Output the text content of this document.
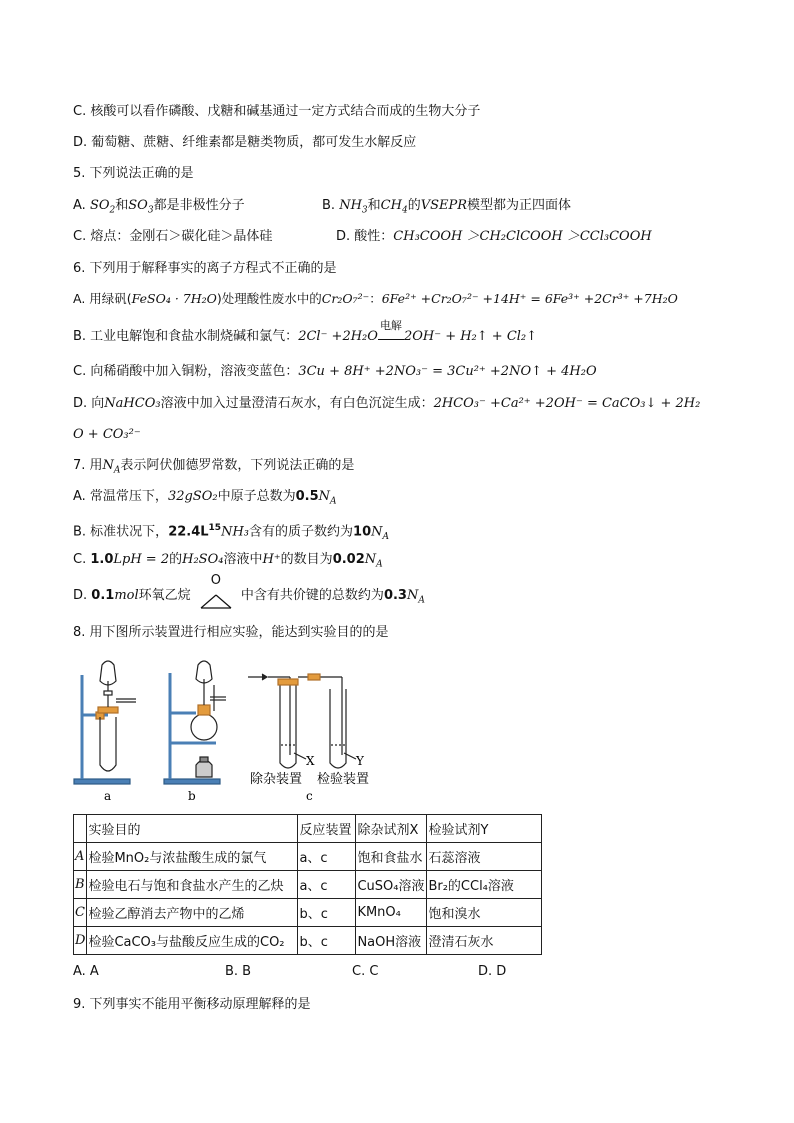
C. 核酸可以看作磷酸、戊糖和碱基通过一定方式结合而成的生物大分子
D. 葡萄糖、蔗糖、纤维素都是糖类物质，都可发生水解反应
5. 下列说法正确的是
A. $SO_2$和$SO_3$都是非极性分子	B. $NH_3$和$CH_4$的VSEPR模型都为正四面体
C. 熔点：金刚石＞碳化硅＞晶体硅	D. 酸性：CH₃COOH ＞CH₂ClCOOH ＞CCl₃COOH
6. 下列用于解释事实的离子方程式不正确的是
A. 用绿矾(FeSO₄ · 7H₂O)处理酸性废水中的Cr₂O₇²⁻：6Fe²⁺ +Cr₂O₇²⁻ +14H⁺ = 6Fe³⁺ +2Cr³⁺ +7H₂O
B. 工业电解饱和食盐水制烧碱和氯气：2Cl⁻ +2H₂O
电解
2OH⁻ + H₂↑ + Cl₂↑
C. 向稀硝酸中加入铜粉，溶液变蓝色：3Cu + 8H⁺ +2NO₃⁻ = 3Cu²⁺ +2NO↑ + 4H₂O
D. 向NaHCO₃溶液中加入过量澄清石灰水，有白色沉淀生成：2HCO₃⁻ +Ca²⁺ +2OH⁻ = CaCO₃↓ + 2H₂
O + CO₃²⁻
7. 用$N_A$表示阿伏伽德罗常数，下列说法正确的是
A. 常温常压下，32gSO₂中原子总数为$0.5N_A$
B. 标准状况下，$22.4L^{15}NH_3$含有的质子数约为$10N_A$
C. 1.0LpH = 2的H₂SO₄溶液中H⁺的数目为$0.02N_A$
D. 0.1mol环氧乙烷
O
中含有共价键的总数约为$0.3N_A$
8. 用下图所示装置进行相应实验，能达到实验目的的是
a	b
X	Y
除杂装置 检验装置
c
	实验目的	反应装置	除杂试剂X	检验试剂Y
A	检验MnO₂与浓盐酸生成的氯气	a、c	饱和食盐水	石蕊溶液
B	检验电石与饱和食盐水产生的乙炔	a、c	CuSO₄溶液	Br₂的CCl₄溶液
C	检验乙醇消去产物中的乙烯	b、c	KMnO₄	饱和溴水
D	检验CaCO₃与盐酸反应生成的CO₂	b、c	NaOH溶液	澄清石灰水
A. A	B. B	C. C	D. D
9. 下列事实不能用平衡移动原理解释的是
